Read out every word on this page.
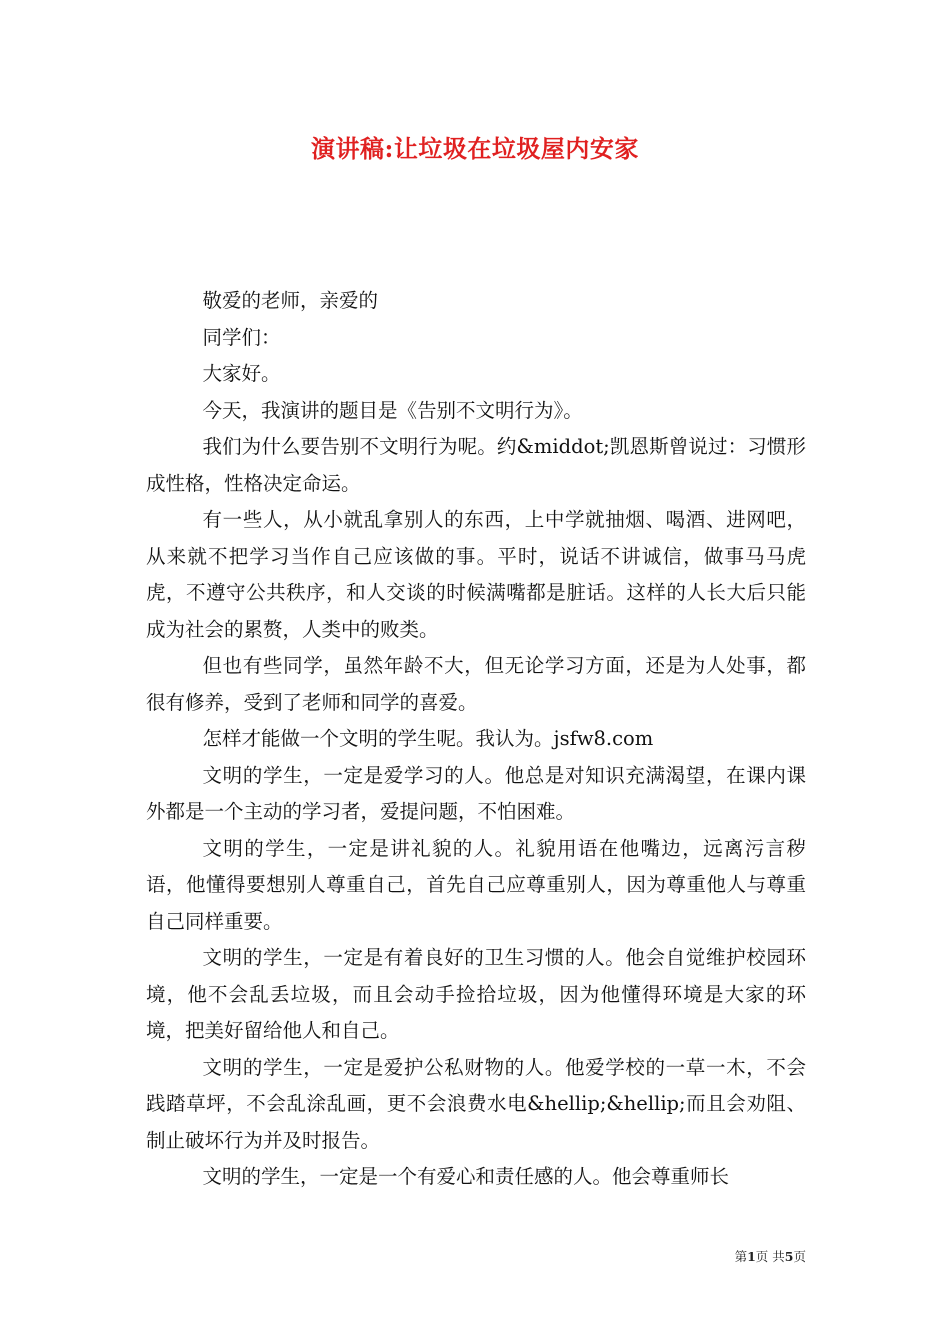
演讲稿:让垃圾在垃圾屋内安家

敬爱的老师，亲爱的

同学们：

大家好。

今天，我演讲的题目是《告别不文明行为》。

我们为什么要告别不文明行为呢。约&middot;凯恩斯曾说过：习惯形成性格，性格决定命运。

有一些人，从小就乱拿别人的东西，上中学就抽烟、喝酒、进网吧，从来就不把学习当作自己应该做的事。平时，说话不讲诚信，做事马马虎虎，不遵守公共秩序，和人交谈的时候满嘴都是脏话。这样的人长大后只能成为社会的累赘，人类中的败类。

但也有些同学，虽然年龄不大，但无论学习方面，还是为人处事，都很有修养，受到了老师和同学的喜爱。

怎样才能做一个文明的学生呢。我认为。jsfw8.com

文明的学生，一定是爱学习的人。他总是对知识充满渴望，在课内课外都是一个主动的学习者，爱提问题，不怕困难。

文明的学生，一定是讲礼貌的人。礼貌用语在他嘴边，远离污言秽语，他懂得要想别人尊重自己，首先自己应尊重别人，因为尊重他人与尊重自己同样重要。

文明的学生，一定是有着良好的卫生习惯的人。他会自觉维护校园环境，他不会乱丢垃圾，而且会动手捡拾垃圾，因为他懂得环境是大家的环境，把美好留给他人和自己。

文明的学生，一定是爱护公私财物的人。他爱学校的一草一木，不会践踏草坪，不会乱涂乱画，更不会浪费水电&hellip;&hellip;而且会劝阻、制止破坏行为并及时报告。

文明的学生，一定是一个有爱心和责任感的人。他会尊重师长

第1页 共5页
